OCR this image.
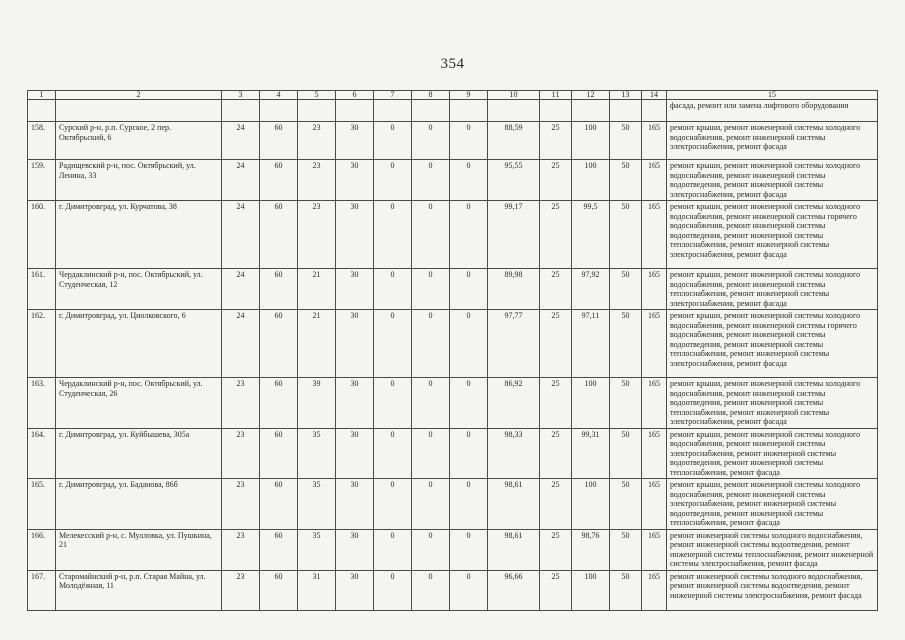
354
1	2	3	4	5	6	7	8	9	10	11	12	13	14	15
														фасада, ремонт или замена лифтового оборудования
158.	Сурский р-н, р.п. Сурское, 2 пер. Октябрьский, 6	24	60	23	30	0	0	0	88,59	25	100	50	165	ремонт крыши, ремонт инженерной системы холодного водоснабжения, ремонт инженерной системы электроснабжения, ремонт фасада
159.	Радищевский р-н, пос. Октябрьский, ул. Ленина, 33	24	60	23	30	0	0	0	95,55	25	100	50	165	ремонт крыши, ремонт инженерной системы холодного водоснабжения, ремонт инженерной системы водоотведения, ремонт инженерной системы электроснабжения, ремонт фасада
160.	г. Димитровград, ул. Курчатова, 38	24	60	23	30	0	0	0	99,17	25	99,5	50	165	ремонт крыши, ремонт инженерной системы холодного водоснабжения, ремонт инженерной системы горячего водоснабжения, ремонт инженерной системы водоотведения, ремонт инженерной системы теплоснабжения, ремонт инженерной системы электроснабжения, ремонт фасада
161.	Чердаклинский р-н, пос. Октябрьский, ул. Студенческая, 12	24	60	21	30	0	0	0	89,98	25	97,92	50	165	ремонт крыши, ремонт инженерной системы холодного водоснабжения, ремонт инженерной системы теплоснабжения, ремонт инженерной системы электроснабжения, ремонт фасада
162.	г. Димитровград, ул. Циолковского, 6	24	60	21	30	0	0	0	97,77	25	97,11	50	165	ремонт крыши, ремонт инженерной системы холодного водоснабжения, ремонт инженерной системы горячего водоснабжения, ремонт инженерной системы водоотведения, ремонт инженерной системы теплоснабжения, ремонт инженерной системы электроснабжения, ремонт фасада
163.	Чердаклинский р-н, пос. Октябрьский, ул. Студенческая, 26	23	60	39	30	0	0	0	86,92	25	100	50	165	ремонт крыши, ремонт инженерной системы холодного водоснабжения, ремонт инженерной системы водоотведения, ремонт инженерной системы теплоснабжения, ремонт инженерной системы электроснабжения, ремонт фасада
164.	г. Димитровград, ул. Куйбышева, 305а	23	60	35	30	0	0	0	98,33	25	99,31	50	165	ремонт крыши, ремонт инженерной системы холодного водоснабжения, ремонт инженерной системы электроснабжения, ремонт инженерной системы водоотведения, ремонт инженерной системы теплоснабжения, ремонт фасада
165.	г. Димитровград, ул. Баданова, 86б	23	60	35	30	0	0	0	98,61	25	100	50	165	ремонт крыши, ремонт инженерной системы холодного водоснабжения, ремонт инженерной системы электроснабжения, ремонт инженерной системы водоотведения, ремонт инженерной системы теплоснабжения, ремонт фасада
166.	Мелекесский р-н, с. Мулловка, ул. Пушкина, 21	23	60	35	30	0	0	0	98,61	25	98,76	50	165	ремонт инженерной системы холодного водоснабжения, ремонт инженерной системы водоотведения, ремонт инженерной системы теплоснабжения, ремонт инженерной системы электроснабжения, ремонт фасада
167.	Старомайнский р-н, р.п. Старая Майна, ул. Молодёжная, 11	23	60	31	30	0	0	0	96,66	25	100	50	165	ремонт инженерной системы холодного водоснабжения, ремонт инженерной системы водоотведения, ремонт инженерной системы электроснабжения, ремонт фасада
